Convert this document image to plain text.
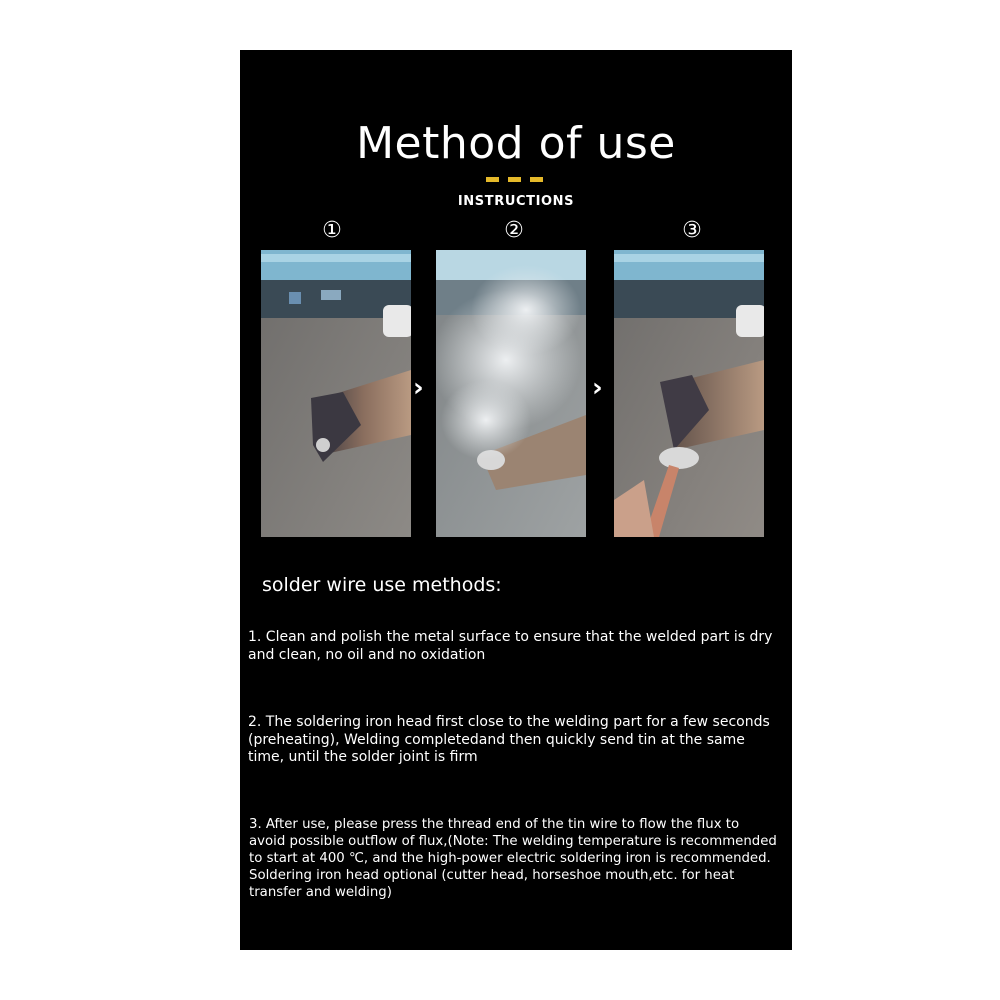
Method of use
INSTRUCTIONS
①	②	③
›	›
solder wire use methods:

1. Clean and polish the metal surface to ensure that the welded part is dry and clean, no oil and no oxidation

2. The soldering iron head first close to the welding part for a few seconds (preheating), Welding completedand then quickly send tin at the same time, until the solder joint is firm

3. After use, please press the thread end of the tin wire to flow the flux to avoid possible outflow of flux,(Note: The welding temperature is recommended to start at 400 ℃, and the high-power electric soldering iron is recommended. Soldering iron head optional (cutter head, horseshoe mouth,etc. for heat transfer and welding)
